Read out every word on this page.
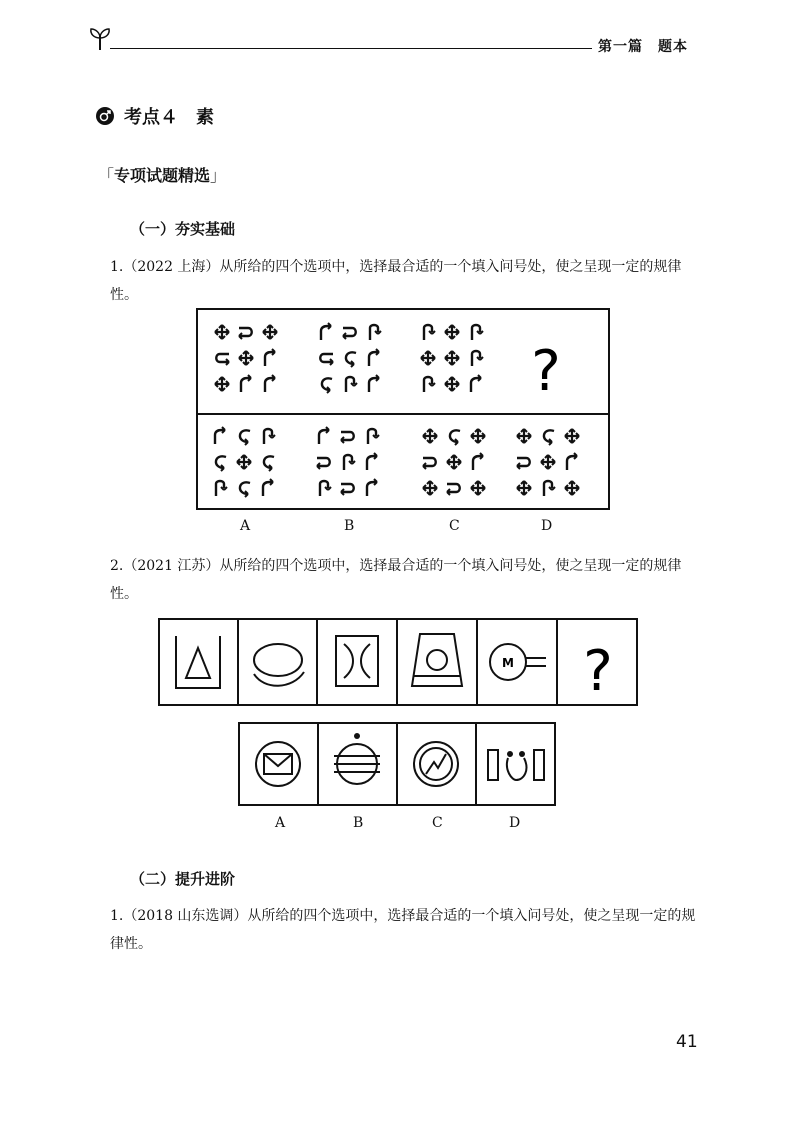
第一篇　题本
考点４　素
「专项试题精选」
（一）夯实基础
1.（2022 上海）从所给的四个选项中，选择最合适的一个填入问号处，使之呈现一定的规律性。
?
A	B	C	D
2.（2021 江苏）从所给的四个选项中，选择最合适的一个填入问号处，使之呈现一定的规律性。
M ?
A	B	C	D
（二）提升进阶
1.（2018 山东选调）从所给的四个选项中，选择最合适的一个填入问号处，使之呈现一定的规律性。
41
